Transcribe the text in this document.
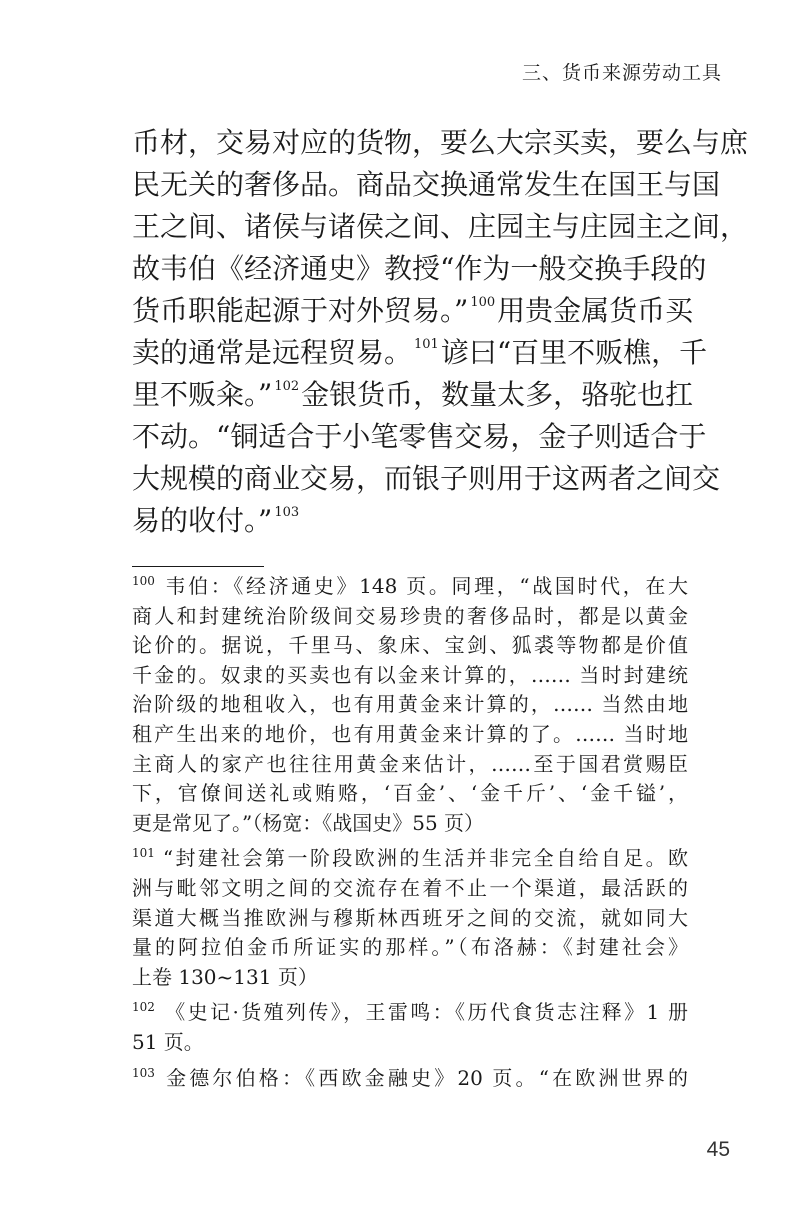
三、货币来源劳动工具
币材，交易对应的货物，要么大宗买卖，要么与庶
民无关的奢侈品。商品交换通常发生在国王与国
王之间、诸侯与诸侯之间、庄园主与庄园主之间，
故韦伯《经济通史》教授“作为一般交换手段的
货币职能起源于对外贸易。” $^{100}$用贵金属货币买
卖的通常是远程贸易。 $^{101}$谚曰“百里不贩樵，千
里不贩籴。” $^{102}$金银货币，数量太多，骆驼也扛
不动。“铜适合于小笔零售交易，金子则适合于
大规模的商业交易，而银子则用于这两者之间交
易的收付。” $^{103}$
$^{100}$ 韦伯：《经济通史》148 页。同理，“战国时代，在大
商人和封建统治阶级间交易珍贵的奢侈品时，都是以黄金
论价的。据说，千里马、象床、宝剑、狐裘等物都是价值
千金的。奴隶的买卖也有以金来计算的，…… 当时封建统
治阶级的地租收入，也有用黄金来计算的，…… 当然由地
租产生出来的地价，也有用黄金来计算的了。…… 当时地
主商人的家产也往往用黄金来估计，……至于国君赏赐臣
下，官僚间送礼或贿赂，‘百金’、‘金千斤’、‘金千镒’，
更是常见了。”（杨宽：《战国史》55 页）
$^{101}$ “封建社会第一阶段欧洲的生活并非完全自给自足。欧
洲与毗邻文明之间的交流存在着不止一个渠道，最活跃的
渠道大概当推欧洲与穆斯林西班牙之间的交流，就如同大
量的阿拉伯金币所证实的那样。”（布洛赫：《封建社会》
上卷 130~131 页）
$^{102}$ 《史记·货殖列传》，王雷鸣：《历代食货志注释》1 册
51 页。
$^{103}$ 金德尔伯格：《西欧金融史》20 页。“在欧洲世界的
45
